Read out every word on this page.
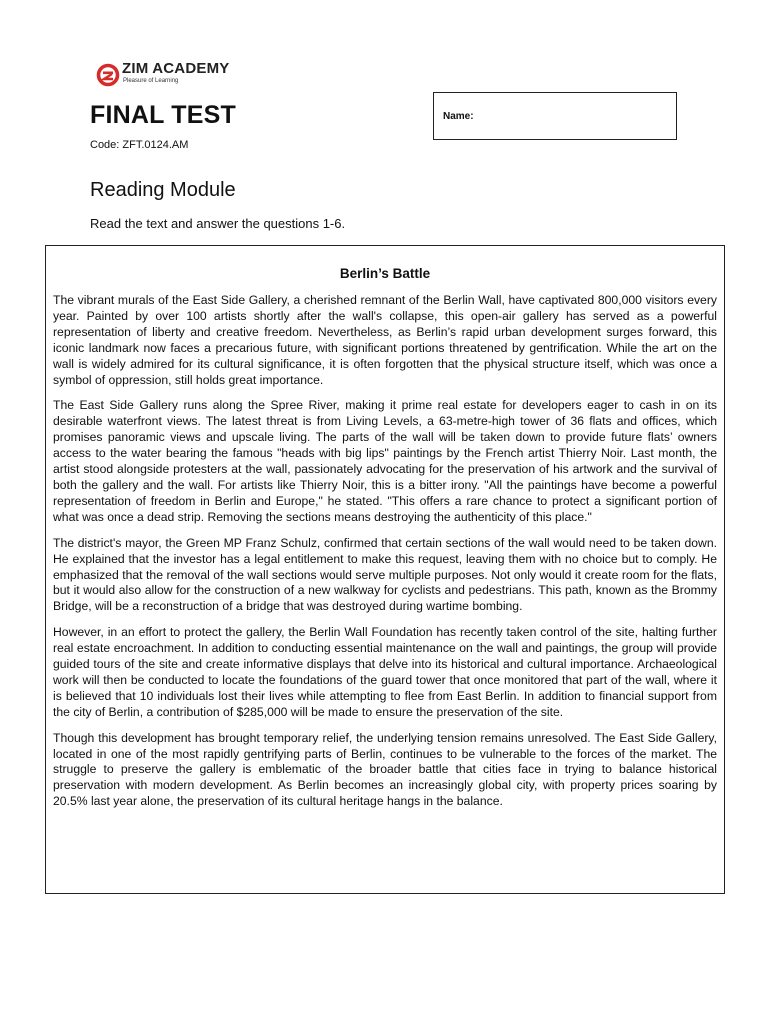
ZIM ACADEMY
Pleasure of Learning
FINAL TEST
Code: ZFT.0124.AM
Name:
Reading Module

Read the text and answer the questions 1-6.

Berlin’s Battle

The vibrant murals of the East Side Gallery, a cherished remnant of the Berlin Wall, have captivated 800,000 visitors every year. Painted by over 100 artists shortly after the wall's collapse, this open-air gallery has served as a powerful representation of liberty and creative freedom. Nevertheless, as Berlin’s rapid urban development surges forward, this iconic landmark now faces a precarious future, with significant portions threatened by gentrification. While the art on the wall is widely admired for its cultural significance, it is often forgotten that the physical structure itself, which was once a symbol of oppression, still holds great importance.

The East Side Gallery runs along the Spree River, making it prime real estate for developers eager to cash in on its desirable waterfront views. The latest threat is from Living Levels, a 63-metre-high tower of 36 flats and offices, which promises panoramic views and upscale living. The parts of the wall will be taken down to provide future flats’ owners access to the water bearing the famous "heads with big lips" paintings by the French artist Thierry Noir. Last month, the artist stood alongside protesters at the wall, passionately advocating for the preservation of his artwork and the survival of both the gallery and the wall. For artists like Thierry Noir, this is a bitter irony. "All the paintings have become a powerful representation of freedom in Berlin and Europe," he stated. "This offers a rare chance to protect a significant portion of what was once a dead strip. Removing the sections means destroying the authenticity of this place."

The district's mayor, the Green MP Franz Schulz, confirmed that certain sections of the wall would need to be taken down. He explained that the investor has a legal entitlement to make this request, leaving them with no choice but to comply. He emphasized that the removal of the wall sections would serve multiple purposes. Not only would it create room for the flats, but it would also allow for the construction of a new walkway for cyclists and pedestrians. This path, known as the Brommy Bridge, will be a reconstruction of a bridge that was destroyed during wartime bombing.

However, in an effort to protect the gallery, the Berlin Wall Foundation has recently taken control of the site, halting further real estate encroachment. In addition to conducting essential maintenance on the wall and paintings, the group will provide guided tours of the site and create informative displays that delve into its historical and cultural importance. Archaeological work will then be conducted to locate the foundations of the guard tower that once monitored that part of the wall, where it is believed that 10 individuals lost their lives while attempting to flee from East Berlin. In addition to financial support from the city of Berlin, a contribution of $285,000 will be made to ensure the preservation of the site.

Though this development has brought temporary relief, the underlying tension remains unresolved. The East Side Gallery, located in one of the most rapidly gentrifying parts of Berlin, continues to be vulnerable to the forces of the market. The struggle to preserve the gallery is emblematic of the broader battle that cities face in trying to balance historical preservation with modern development. As Berlin becomes an increasingly global city, with property prices soaring by 20.5% last year alone, the preservation of its cultural heritage hangs in the balance.
